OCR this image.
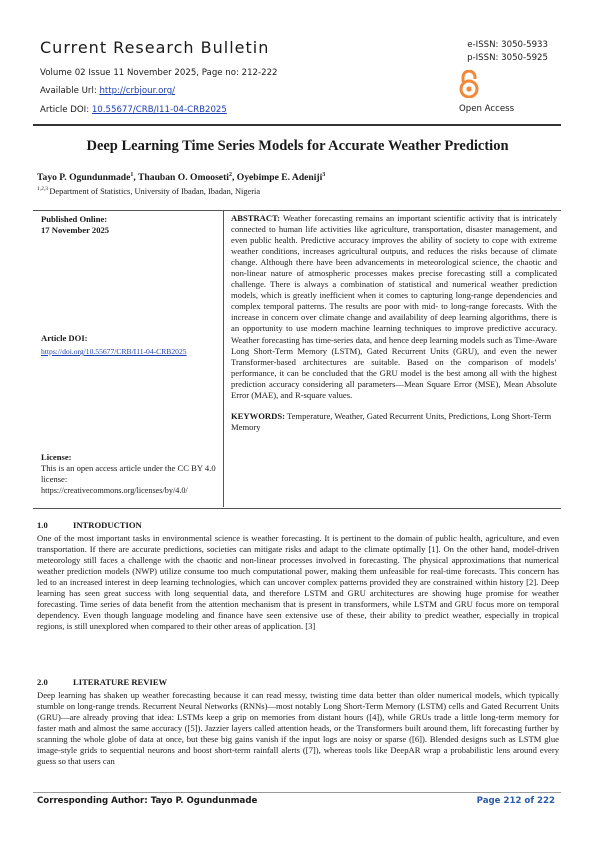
Current Research Bulletin
Volume 02 Issue 11 November 2025, Page no: 212-222
Available Url: http://crbjour.org/
Article DOI: 10.55677/CRB/I11-04-CRB2025
e-ISSN: 3050-5933
p-ISSN: 3050-5925
Open Access
Deep Learning Time Series Models for Accurate Weather Prediction
Tayo P. Ogundunmade$^1$, Thauban O. Omooseti$^2$, Oyebimpe E. Adeniji$^3$
$^{1,2,3}$ Department of Statistics, University of Ibadan, Ibadan, Nigeria
Published Online:
17 November 2025
Article DOI:
https://doi.org/10.55677/CRB/I11-04-CRB2025
License:
This is an open access article under the CC BY 4.0 license:
https://creativecommons.org/licenses/by/4.0/

ABSTRACT: Weather forecasting remains an important scientific activity that is intricately connected to human life activities like agriculture, transportation, disaster management, and even public health. Predictive accuracy improves the ability of society to cope with extreme weather conditions, increases agricultural outputs, and reduces the risks because of climate change. Although there have been advancements in meteorological science, the chaotic and non-linear nature of atmospheric processes makes precise forecasting still a complicated challenge. There is always a combination of statistical and numerical weather prediction models, which is greatly inefficient when it comes to capturing long-range dependencies and complex temporal patterns. The results are poor with mid- to long-range forecasts. With the increase in concern over climate change and availability of deep learning algorithms, there is an opportunity to use modern machine learning techniques to improve predictive accuracy. Weather forecasting has time-series data, and hence deep learning models such as Time-Aware Long Short-Term Memory (LSTM), Gated Recurrent Units (GRU), and even the newer Transformer-based architectures are suitable. Based on the comparison of models’ performance, it can be concluded that the GRU model is the best among all with the highest prediction accuracy considering all parameters—Mean Square Error (MSE), Mean Absolute Error (MAE), and R-square values.

KEYWORDS: Temperature, Weather, Gated Recurrent Units, Predictions, Long Short-Term Memory

1.0	INTRODUCTION

One of the most important tasks in environmental science is weather forecasting. It is pertinent to the domain of public health, agriculture, and even transportation. If there are accurate predictions, societies can mitigate risks and adapt to the climate optimally [1]. On the other hand, model-driven meteorology still faces a challenge with the chaotic and non-linear processes involved in forecasting. The physical approximations that numerical weather prediction models (NWP) utilize consume too much computational power, making them unfeasible for real-time forecasts. This concern has led to an increased interest in deep learning technologies, which can uncover complex patterns provided they are constrained within history [2]. Deep learning has seen great success with long sequential data, and therefore LSTM and GRU architectures are showing huge promise for weather forecasting. Time series of data benefit from the attention mechanism that is present in transformers, while LSTM and GRU focus more on temporal dependency. Even though language modeling and finance have seen extensive use of these, their ability to predict weather, especially in tropical regions, is still unexplored when compared to their other areas of application. [3]

2.0	LITERATURE REVIEW

Deep learning has shaken up weather forecasting because it can read messy, twisting time data better than older numerical models, which typically stumble on long-range trends. Recurrent Neural Networks (RNNs)—most notably Long Short-Term Memory (LSTM) cells and Gated Recurrent Units (GRU)—are already proving that idea: LSTMs keep a grip on memories from distant hours ([4]), while GRUs trade a little long-term memory for faster math and almost the same accuracy ([5]). Jazzier layers called attention heads, or the Transformers built around them, lift forecasting further by scanning the whole globe of data at once, but these big gains vanish if the input logs are noisy or sparse ([6]). Blended designs such as LSTM glue image-style grids to sequential neurons and boost short-term rainfall alerts ([7]), whereas tools like DeepAR wrap a probabilistic lens around every guess so that users can

Corresponding Author: Tayo P. Ogundunmade	Page 212 of 222
